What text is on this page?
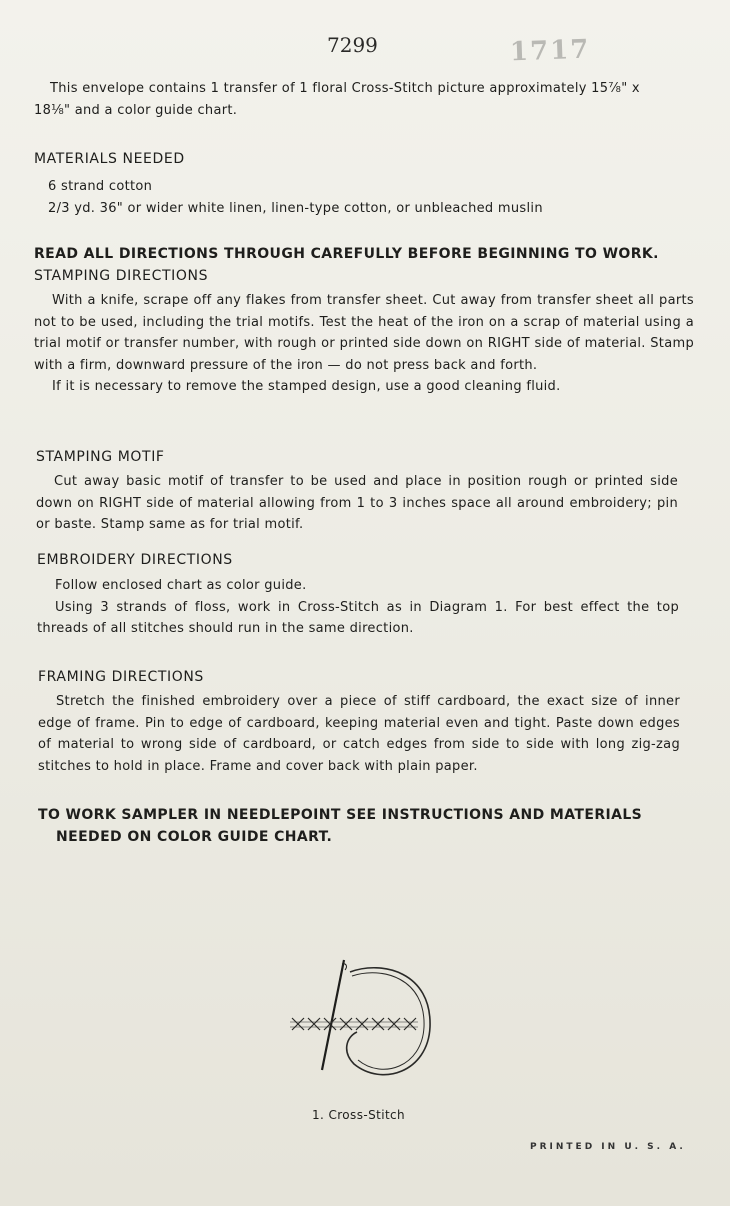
7299	1717
This envelope contains 1 transfer of 1 floral Cross-Stitch picture approximately 15⅞" x 18⅛" and a color guide chart.

MATERIALS NEEDED

6 strand cotton

2/3 yd. 36" or wider white linen, linen-type cotton, or unbleached muslin

READ ALL DIRECTIONS THROUGH CAREFULLY BEFORE BEGINNING TO WORK.

STAMPING DIRECTIONS

With a knife, scrape off any flakes from transfer sheet. Cut away from transfer sheet all parts not to be used, including the trial motifs. Test the heat of the iron on a scrap of material using a trial motif or transfer number, with rough or printed side down on RIGHT side of material. Stamp with a firm, downward pressure of the iron — do not press back and forth.

If it is necessary to remove the stamped design, use a good cleaning fluid.

STAMPING MOTIF

Cut away basic motif of transfer to be used and place in position rough or printed side down on RIGHT side of material allowing from 1 to 3 inches space all around embroidery; pin or baste. Stamp same as for trial motif.

EMBROIDERY DIRECTIONS

Follow enclosed chart as color guide.

Using 3 strands of floss, work in Cross-Stitch as in Diagram 1. For best effect the top threads of all stitches should run in the same direction.

FRAMING DIRECTIONS

Stretch the finished embroidery over a piece of stiff cardboard, the exact size of inner edge of frame. Pin to edge of cardboard, keeping material even and tight. Paste down edges of material to wrong side of cardboard, or catch edges from side to side with long zig-zag stitches to hold in place. Frame and cover back with plain paper.

TO WORK SAMPLER IN NEEDLEPOINT SEE INSTRUCTIONS AND MATERIALS NEEDED ON COLOR GUIDE CHART.
1. Cross-Stitch
PRINTED IN U. S. A.
